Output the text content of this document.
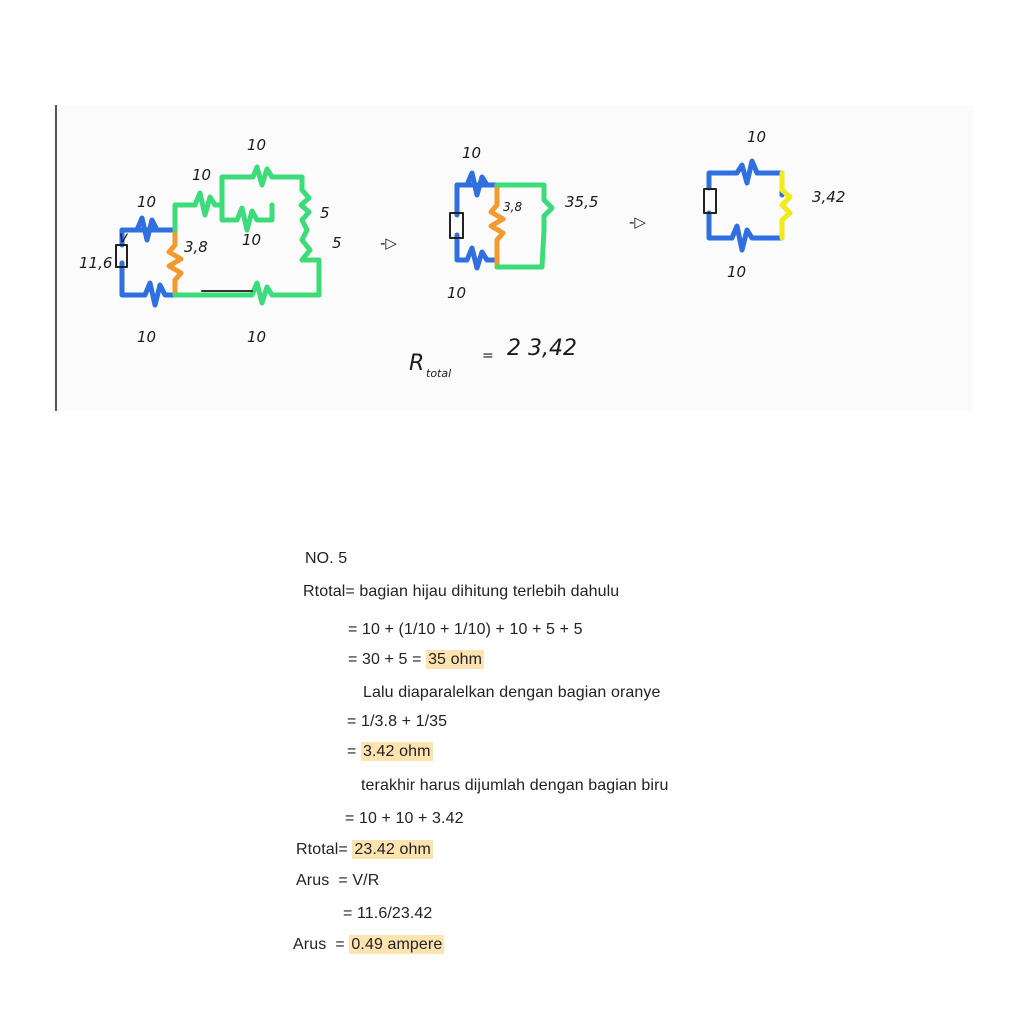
v
11,6
10
10
3,8
10
10
10
5
5
10
-▷
10
3,8	35,5
10
-▷
10
3,42
10
R total
= 2 3,42
NO. 5
Rtotal= bagian hijau dihitung terlebih dahulu
= 10 + (1/10 + 1/10) + 10 + 5 + 5
= 30 + 5 = 35 ohm
Lalu diaparalelkan dengan bagian oranye
= 1/3.8 + 1/35
= 3.42 ohm
terakhir harus dijumlah dengan bagian biru
= 10 + 10 + 3.42
Rtotal= 23.42 ohm
Arus = V/R
= 11.6/23.42
Arus = 0.49 ampere
